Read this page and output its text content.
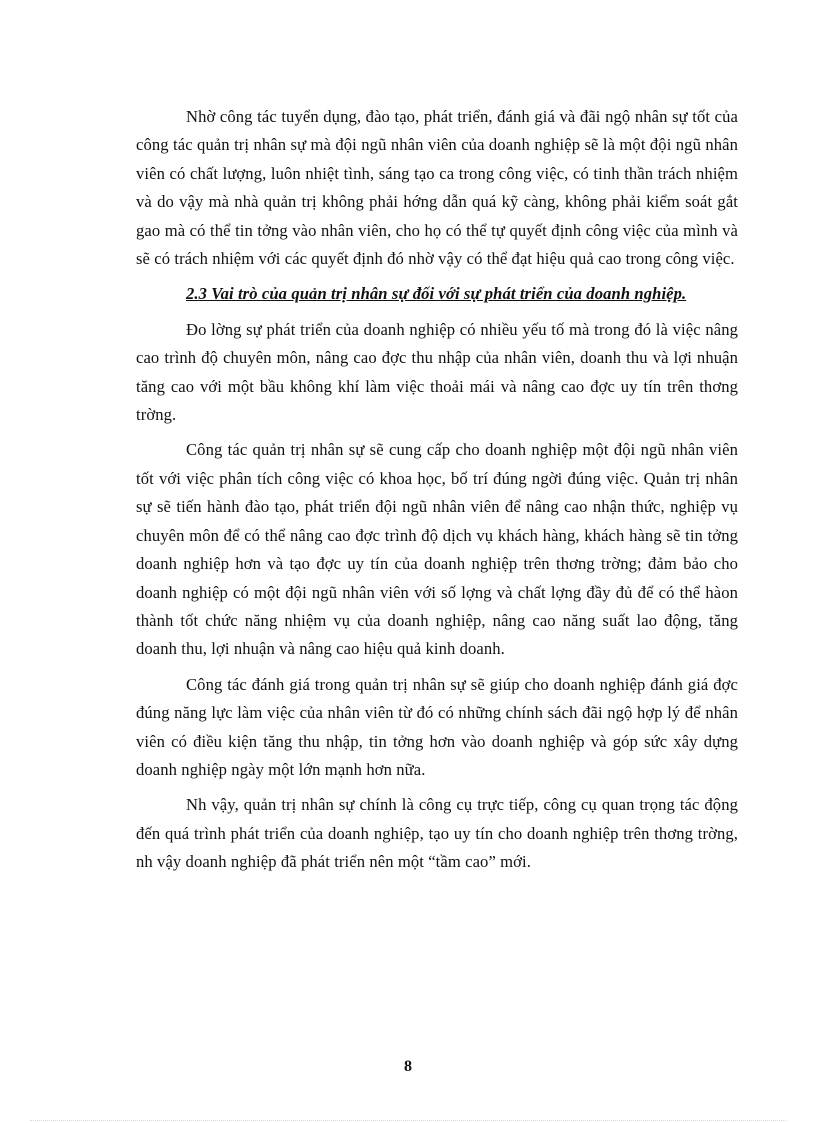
Nhờ công tác tuyển dụng, đào tạo, phát triển, đánh giá và đãi ngộ nhân sự tốt của công tác quản trị nhân sự mà đội ngũ nhân viên của doanh nghiệp sẽ là một đội ngũ nhân viên có chất lượng, luôn nhiệt tình, sáng tạo ca trong công việc, có tinh thần trách nhiệm và do vậy mà nhà quản trị không phải hớng dẫn quá kỹ càng, không phải kiểm soát gắt gao mà có thể tin tởng vào nhân viên, cho họ có thể tự quyết định công việc của mình và sẽ có trách nhiệm với các quyết định đó nhờ vậy có thể đạt hiệu quả cao trong công việc.

2.3 Vai trò của quản trị nhân sự đối với sự phát triển của doanh nghiệp.

Đo lờng sự phát triển của doanh nghiệp có nhiều yếu tố mà trong đó là việc nâng cao trình độ chuyên môn, nâng cao đợc thu nhập của nhân viên, doanh thu và lợi nhuận tăng cao với một bầu không khí làm việc thoải mái và nâng cao đợc uy tín trên thơng trờng.

Công tác quản trị nhân sự sẽ cung cấp cho doanh nghiệp một đội ngũ nhân viên tốt với việc phân tích công việc có khoa học, bố trí đúng ngời đúng việc. Quản trị nhân sự sẽ tiến hành đào tạo, phát triển đội ngũ nhân viên để nâng cao nhận thức, nghiệp vụ chuyên môn để có thể nâng cao đợc trình độ dịch vụ khách hàng, khách hàng sẽ tin tởng doanh nghiệp hơn và tạo đợc uy tín của doanh nghiệp trên thơng trờng; đảm bảo cho doanh nghiệp có một đội ngũ nhân viên với số lợng và chất lợng đầy đủ để có thể hàon thành tốt chức năng nhiệm vụ của doanh nghiệp, nâng cao năng suất lao động, tăng doanh thu, lợi nhuận và nâng cao hiệu quả kinh doanh.

Công tác đánh giá trong quản trị nhân sự sẽ giúp cho doanh nghiệp đánh giá đợc đúng năng lực làm việc của nhân viên từ đó có những chính sách đãi ngộ hợp lý để nhân viên có điều kiện tăng thu nhập, tin tởng hơn vào doanh nghiệp và góp sức xây dựng doanh nghiệp ngày một lớn mạnh hơn nữa.

Nh vậy, quản trị nhân sự chính là công cụ trực tiếp, công cụ quan trọng tác động đến quá trình phát triển của doanh nghiệp, tạo uy tín cho doanh nghiệp trên thơng trờng, nh vậy doanh nghiệp đã phát triển nên một “tầm cao” mới.

8
